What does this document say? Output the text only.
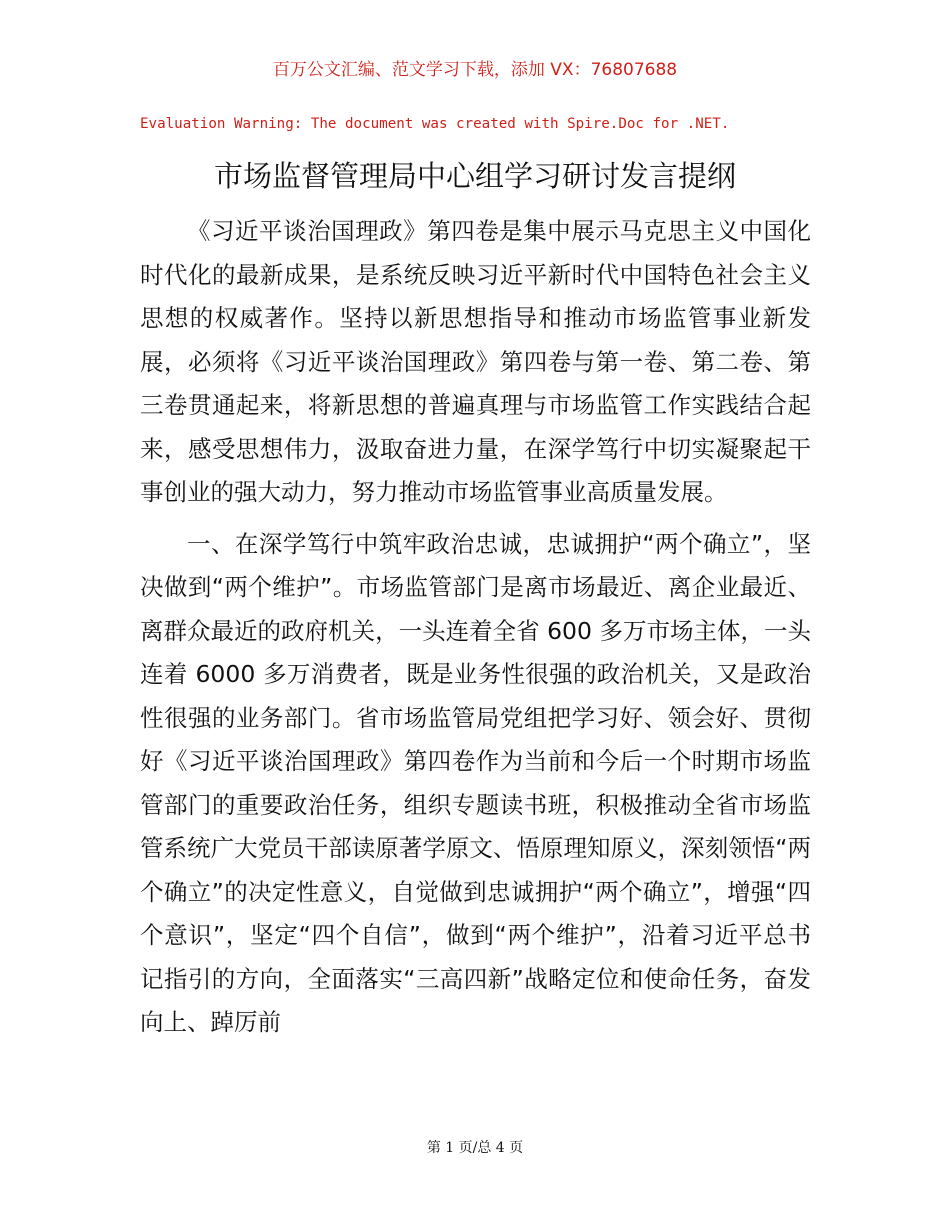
百万公文汇编、范文学习下载，添加 VX：76807688
Evaluation Warning: The document was created with Spire.Doc for .NET.
市场监督管理局中心组学习研讨发言提纲

《习近平谈治国理政》第四卷是集中展示马克思主义中国化时代化的最新成果，是系统反映习近平新时代中国特色社会主义思想的权威著作。坚持以新思想指导和推动市场监管事业新发展，必须将《习近平谈治国理政》第四卷与第一卷、第二卷、第三卷贯通起来，将新思想的普遍真理与市场监管工作实践结合起来，感受思想伟力，汲取奋进力量，在深学笃行中切实凝聚起干事创业的强大动力，努力推动市场监管事业高质量发展。

一、在深学笃行中筑牢政治忠诚，忠诚拥护“两个确立”，坚决做到“两个维护”。市场监管部门是离市场最近、离企业最近、离群众最近的政府机关，一头连着全省 600 多万市场主体，一头连着 6000 多万消费者，既是业务性很强的政治机关，又是政治性很强的业务部门。省市场监管局党组把学习好、领会好、贯彻好《习近平谈治国理政》第四卷作为当前和今后一个时期市场监管部门的重要政治任务，组织专题读书班，积极推动全省市场监管系统广大党员干部读原著学原文、悟原理知原义，深刻领悟“两个确立”的决定性意义，自觉做到忠诚拥护“两个确立”，增强“四个意识”，坚定“四个自信”，做到“两个维护”，沿着习近平总书记指引的方向，全面落实“三高四新”战略定位和使命任务，奋发向上、踔厉前

第 1 页/总 4 页
